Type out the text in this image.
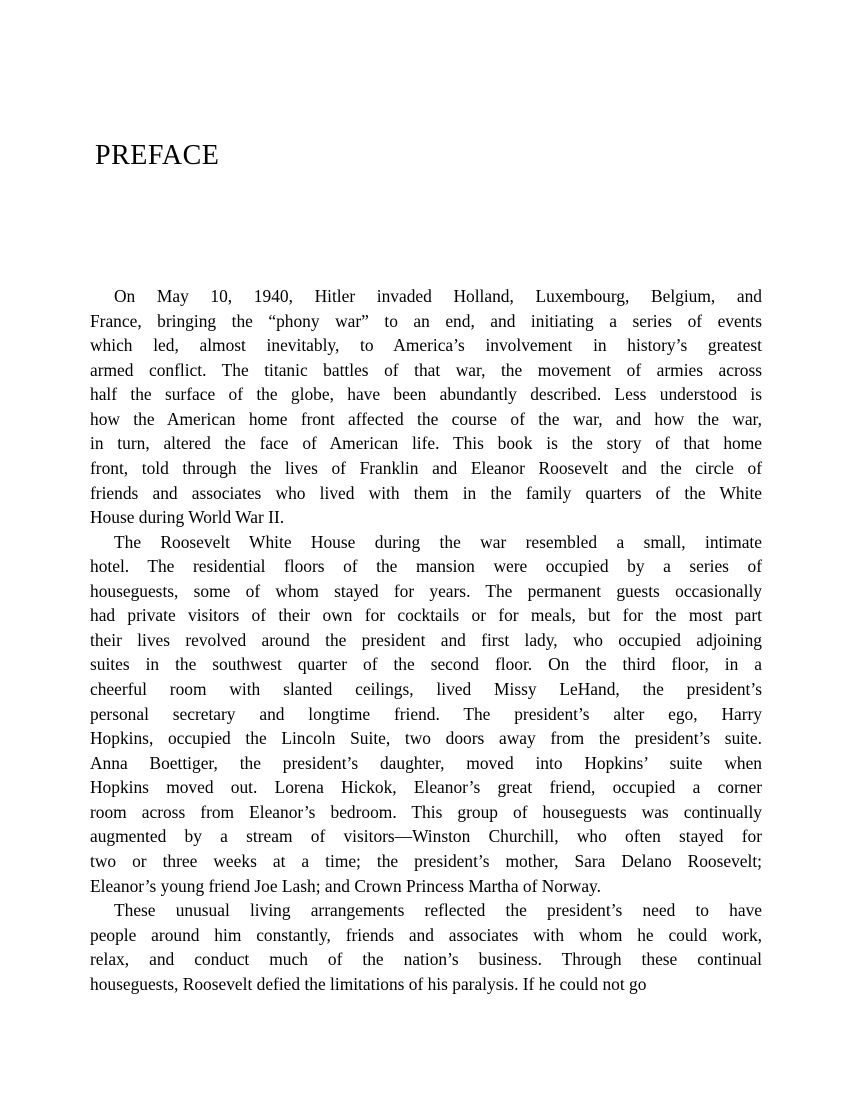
PREFACE
On May 10, 1940, Hitler invaded Holland, Luxembourg, Belgium, and
France, bringing the “phony war” to an end, and initiating a series of events
which led, almost inevitably, to America’s involvement in history’s greatest
armed conflict. The titanic battles of that war, the movement of armies across
half the surface of the globe, have been abundantly described. Less understood is
how the American home front affected the course of the war, and how the war,
in turn, altered the face of American life. This book is the story of that home
front, told through the lives of Franklin and Eleanor Roosevelt and the circle of
friends and associates who lived with them in the family quarters of the White
House during World War II.
The Roosevelt White House during the war resembled a small, intimate
hotel. The residential floors of the mansion were occupied by a series of
houseguests, some of whom stayed for years. The permanent guests occasionally
had private visitors of their own for cocktails or for meals, but for the most part
their lives revolved around the president and first lady, who occupied adjoining
suites in the southwest quarter of the second floor. On the third floor, in a
cheerful room with slanted ceilings, lived Missy LeHand, the president’s
personal secretary and longtime friend. The president’s alter ego, Harry
Hopkins, occupied the Lincoln Suite, two doors away from the president’s suite.
Anna Boettiger, the president’s daughter, moved into Hopkins’ suite when
Hopkins moved out. Lorena Hickok, Eleanor’s great friend, occupied a corner
room across from Eleanor’s bedroom. This group of houseguests was continually
augmented by a stream of visitors—Winston Churchill, who often stayed for
two or three weeks at a time; the president’s mother, Sara Delano Roosevelt;
Eleanor’s young friend Joe Lash; and Crown Princess Martha of Norway.
These unusual living arrangements reflected the president’s need to have
people around him constantly, friends and associates with whom he could work,
relax, and conduct much of the nation’s business. Through these continual
houseguests, Roosevelt defied the limitations of his paralysis. If he could not go
